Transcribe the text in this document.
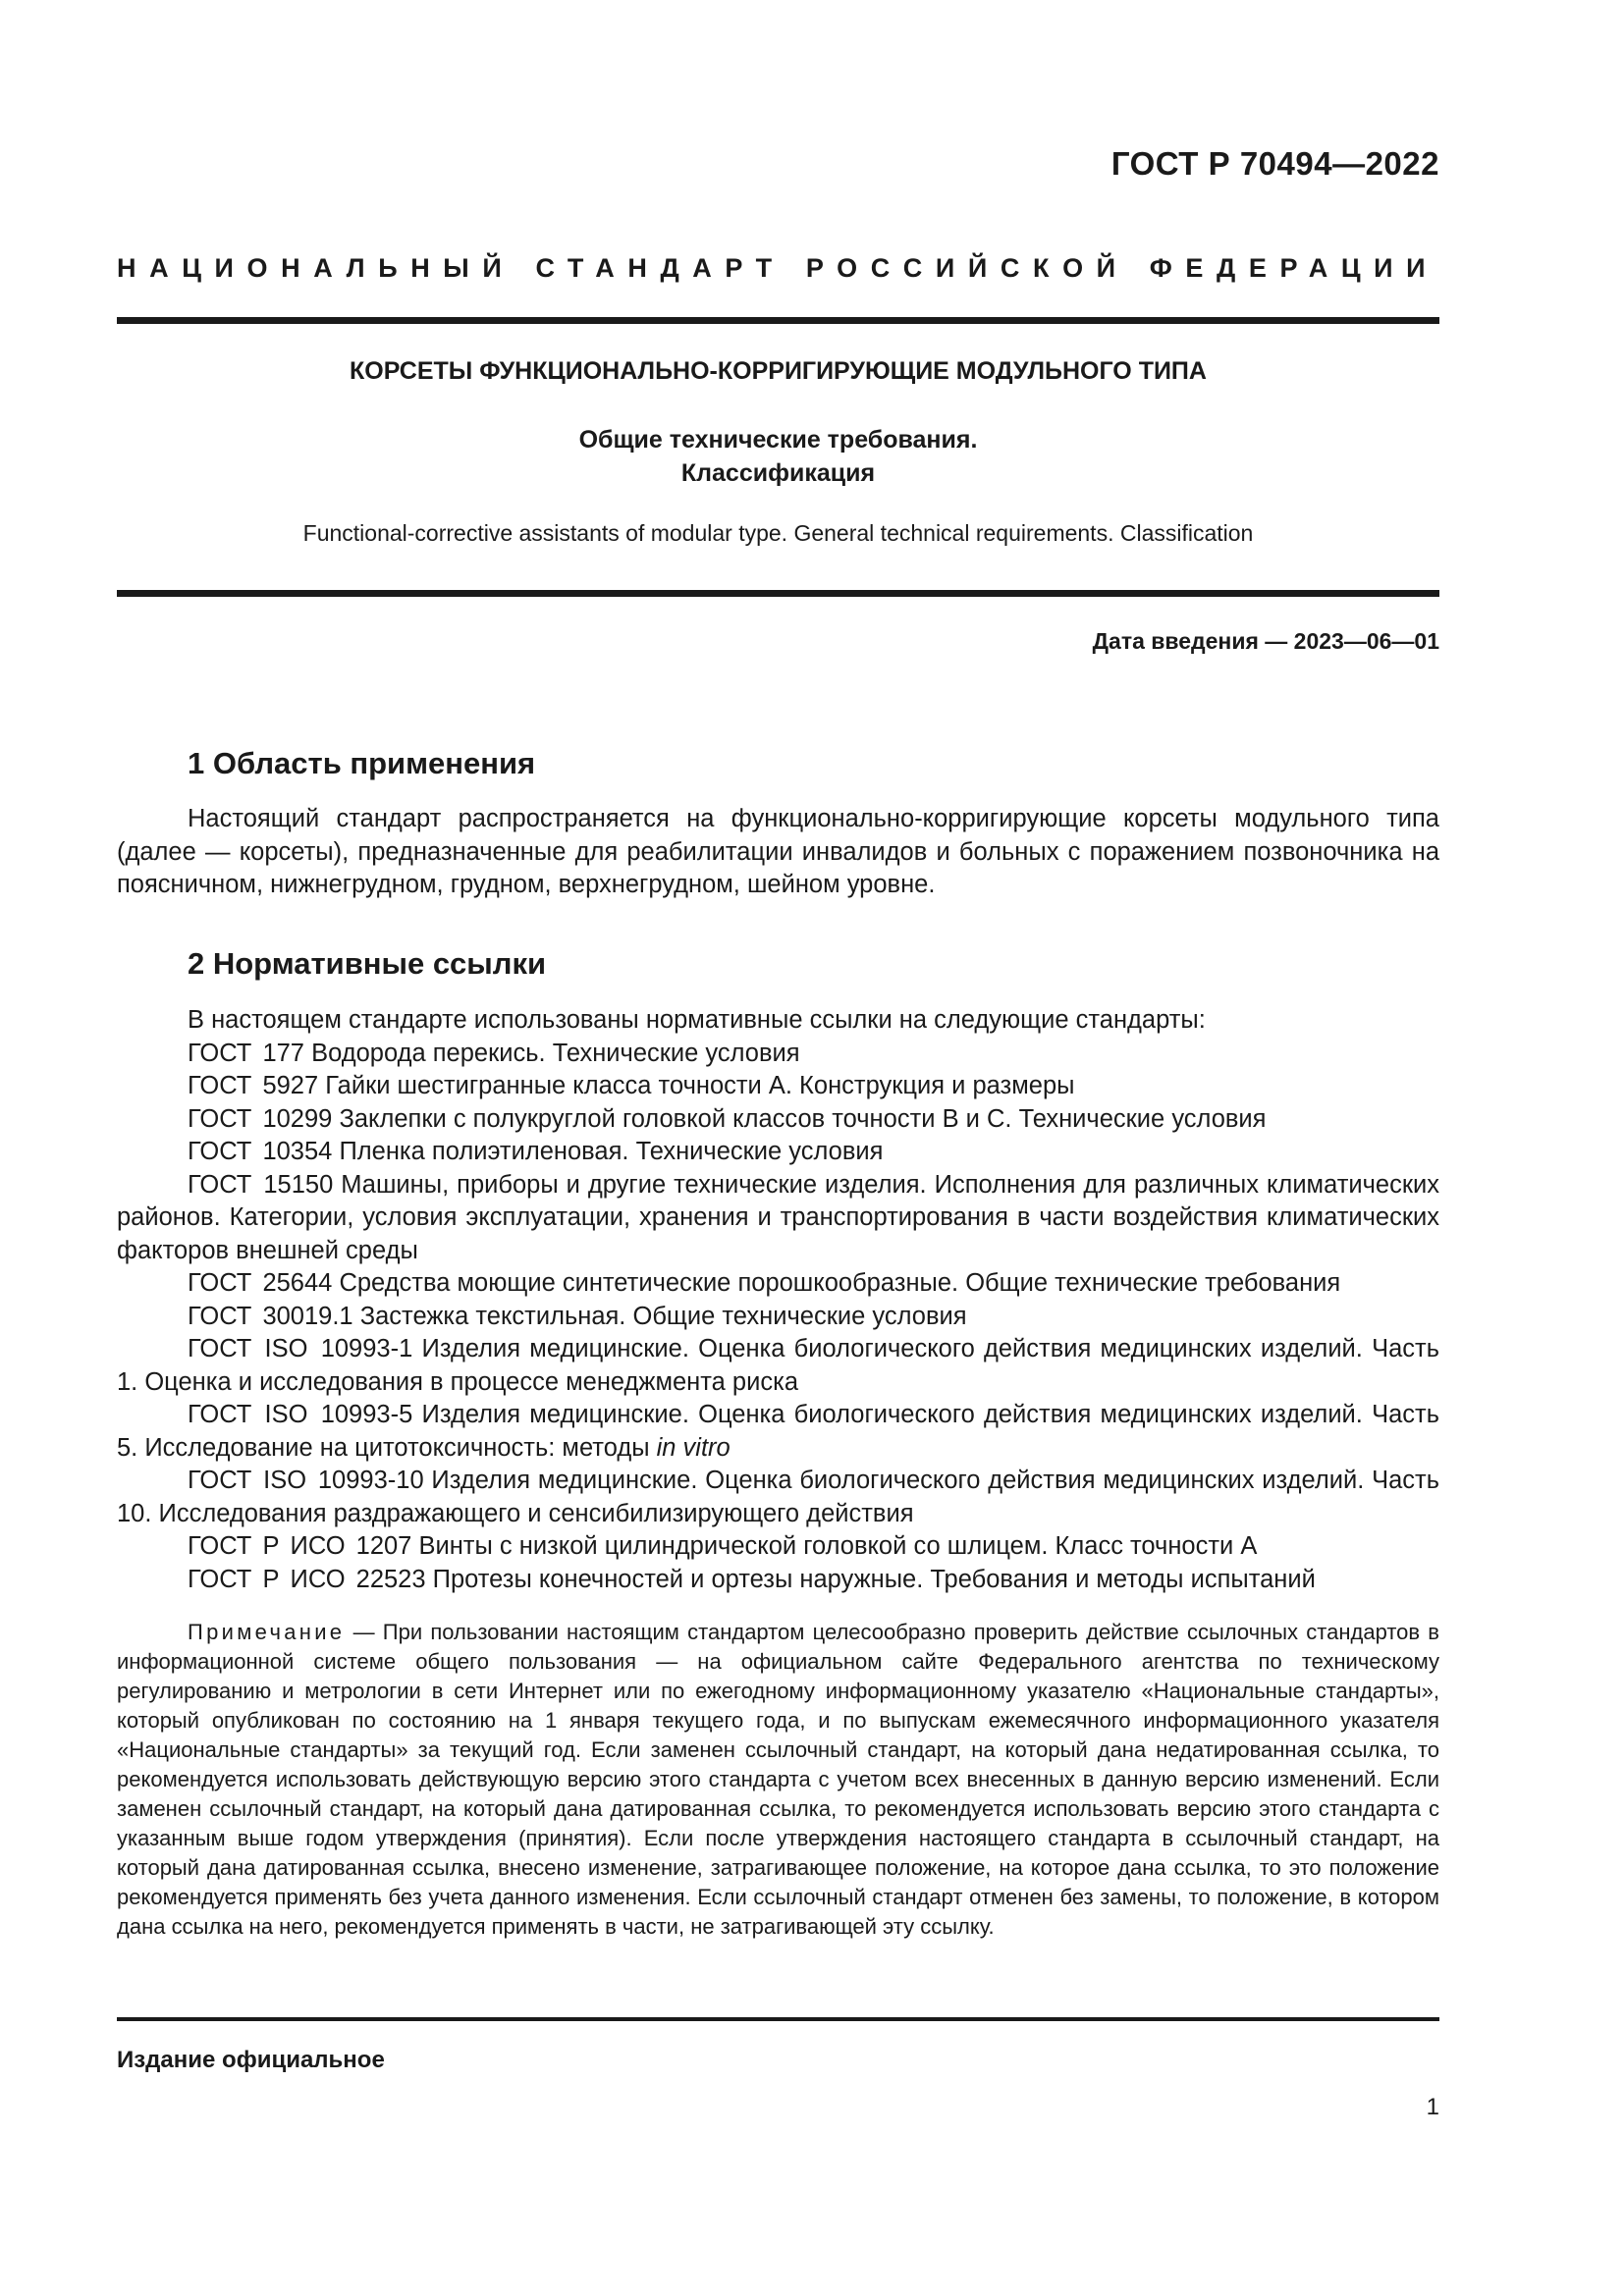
ГОСТ Р 70494—2022
НАЦИОНАЛЬНЫЙ СТАНДАРТ РОССИЙСКОЙ ФЕДЕРАЦИИ
КОРСЕТЫ ФУНКЦИОНАЛЬНО-КОРРИГИРУЮЩИЕ МОДУЛЬНОГО ТИПА
Общие технические требования.
Классификация
Functional-corrective assistants of modular type. General technical requirements. Classification
Дата введения — 2023—06—01
1 Область применения

Настоящий стандарт распространяется на функционально-корригирующие корсеты модульного типа (далее — корсеты), предназначенные для реабилитации инвалидов и больных с поражением позвоночника на поясничном, нижнегрудном, грудном, верхнегрудном, шейном уровне.

2 Нормативные ссылки

В настоящем стандарте использованы нормативные ссылки на следующие стандарты:

ГОСТ 177 Водорода перекись. Технические условия

ГОСТ 5927 Гайки шестигранные класса точности А. Конструкция и размеры

ГОСТ 10299 Заклепки с полукруглой головкой классов точности В и С. Технические условия

ГОСТ 10354 Пленка полиэтиленовая. Технические условия

ГОСТ 15150 Машины, приборы и другие технические изделия. Исполнения для различных климатических районов. Категории, условия эксплуатации, хранения и транспортирования в части воздействия климатических факторов внешней среды

ГОСТ 25644 Средства моющие синтетические порошкообразные. Общие технические требования

ГОСТ 30019.1 Застежка текстильная. Общие технические условия

ГОСТ ISO 10993-1 Изделия медицинские. Оценка биологического действия медицинских изделий. Часть 1. Оценка и исследования в процессе менеджмента риска

ГОСТ ISO 10993-5 Изделия медицинские. Оценка биологического действия медицинских изделий. Часть 5. Исследование на цитотоксичность: методы in vitro

ГОСТ ISO 10993-10 Изделия медицинские. Оценка биологического действия медицинских изделий. Часть 10. Исследования раздражающего и сенсибилизирующего действия

ГОСТ Р ИСО 1207 Винты с низкой цилиндрической головкой со шлицем. Класс точности А

ГОСТ Р ИСО 22523 Протезы конечностей и ортезы наружные. Требования и методы испытаний

Примечание — При пользовании настоящим стандартом целесообразно проверить действие ссылочных стандартов в информационной системе общего пользования — на официальном сайте Федерального агентства по техническому регулированию и метрологии в сети Интернет или по ежегодному информационному указателю «Национальные стандарты», который опубликован по состоянию на 1 января текущего года, и по выпускам ежемесячного информационного указателя «Национальные стандарты» за текущий год. Если заменен ссылочный стандарт, на который дана недатированная ссылка, то рекомендуется использовать действующую версию этого стандарта с учетом всех внесенных в данную версию изменений. Если заменен ссылочный стандарт, на который дана датированная ссылка, то рекомендуется использовать версию этого стандарта с указанным выше годом утверждения (принятия). Если после утверждения настоящего стандарта в ссылочный стандарт, на который дана датированная ссылка, внесено изменение, затрагивающее положение, на которое дана ссылка, то это положение рекомендуется применять без учета данного изменения. Если ссылочный стандарт отменен без замены, то положение, в котором дана ссылка на него, рекомендуется применять в части, не затрагивающей эту ссылку.

Издание официальное
1
